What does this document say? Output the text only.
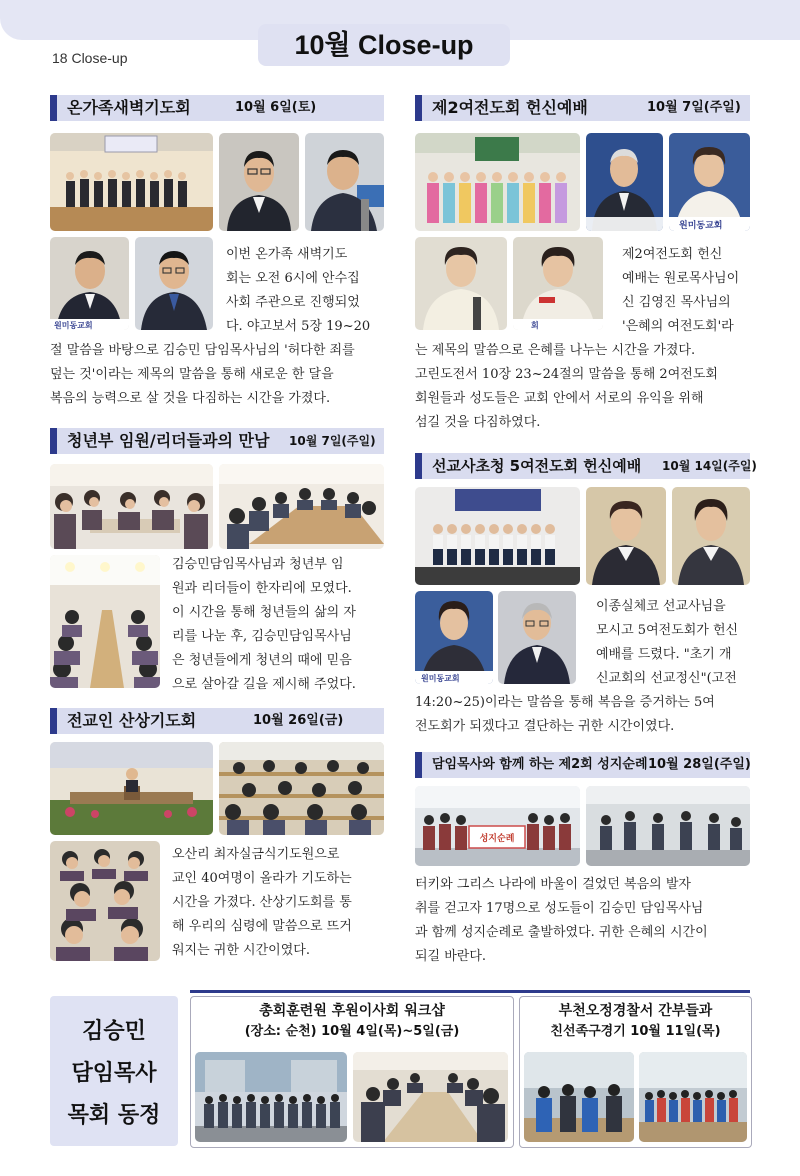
18 Close-up	10월 Close-up
온가족새벽기도회	10월 6일(토)
원미동교회

이번 온가족 새벽기도

회는 오전 6시에 안수집

사회 주관으로 진행되었

다. 야고보서 5장 19~20

절 말씀을 바탕으로 김승민 담임목사님의 '허다한 죄를

덮는 것'이라는 제목의 말씀을 통해 새로운 한 달을

복음의 능력으로 살 것을 다짐하는 시간을 가졌다.

청년부 임원/리더들과의 만남 10월 7일(주일)

김승민담임목사님과 청년부 임

원과 리더들이 한자리에 모였다.

이 시간을 통해 청년들의 삶의 자

리를 나눈 후, 김승민담임목사님

은 청년들에게 청년의 때에 믿음

으로 살아갈 길을 제시해 주었다.

전교인 산상기도회	10월 26일(금)

오산리 최자실금식기도원으로

교인 40여명이 올라가 기도하는

시간을 가졌다. 산상기도회를 통

해 우리의 심령에 말씀으로 뜨거

워지는 귀한 시간이였다.

제2여전도회 헌신예배	10월 7일(주일)
원미동교회
회

제2여전도회 헌신

예배는 원로목사님이

신 김영진 목사님의

'은혜의 여전도회'라

는 제목의 말씀으로 은혜를 나누는 시간을 가졌다.

고린도전서 10장 23~24절의 말씀을 통해 2여전도회

회원들과 성도들은 교회 안에서 서로의 유익을 위해

섬길 것을 다짐하였다.

선교사초청 5여전도회 헌신예배 10월 14일(주일)
원미동교회

이종실체코 선교사님을

모시고 5여전도회가 헌신

예배를 드렸다. "초기 개

신교회의 선교정신"(고전

14:20~25)이라는 말씀을 통해 복음을 증거하는 5여

전도회가 되겠다고 결단하는 귀한 시간이였다.

담임목사와 함께 하는 제2회 성지순례 10월 28일(주일)
성지순례

터키와 그리스 나라에 바울이 걸었던 복음의 발자

취를 걷고자 17명으로 성도들이 김승민 담임목사님

과 함께 성지순례로 출발하였다. 귀한 은혜의 시간이

되길 바란다.

김승민
담임목사
목회 동정
총회훈련원 후원이사회 워크샵
(장소: 순천) 10월 4일(목)~5일(금)
부천오정경찰서 간부들과
친선족구경기 10월 11일(목)
